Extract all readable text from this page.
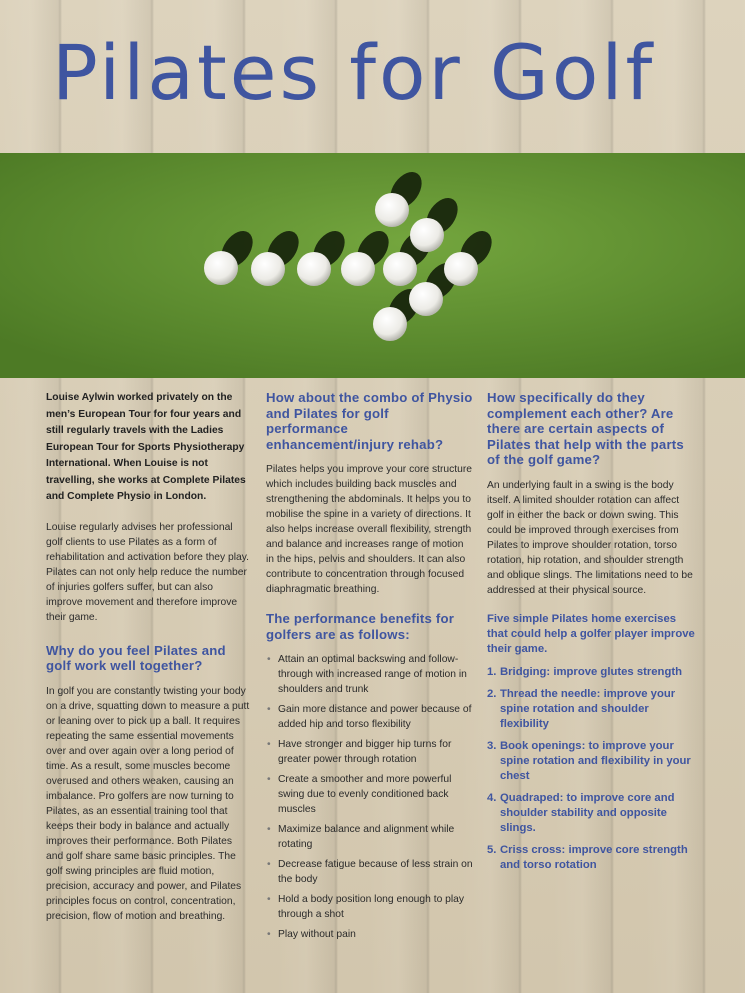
Pilates for Golf

Louise Aylwin worked privately on the men’s European Tour for four years and still regularly travels with the Ladies European Tour for Sports Physiotherapy International. When Louise is not travelling, she works at Complete Pilates and Complete Physio in London.

Louise regularly advises her professional golf clients to use Pilates as a form of rehabilitation and activation before they play. Pilates can not only help reduce the number of injuries golfers suffer, but can also improve movement and therefore improve their game.

Why do you feel Pilates and golf work well together?

In golf you are constantly twisting your body on a drive, squatting down to measure a putt or leaning over to pick up a ball. It requires repeating the same essential movements over and over again over a long period of time. As a result, some muscles become overused and others weaken, causing an imbalance. Pro golfers are now turning to Pilates, as an essential training tool that keeps their body in balance and actually improves their performance. Both Pilates and golf share same basic principles. The golf swing principles are fluid motion, precision, accuracy and power, and Pilates principles focus on control, concentration, precision, flow of motion and breathing.

How about the combo of Physio and Pilates for golf performance enhancement/injury rehab?

Pilates helps you improve your core structure which includes building back muscles and strengthening the abdominals. It helps you to mobilise the spine in a variety of directions. It also helps increase overall flexibility, strength and balance and increases range of motion in the hips, pelvis and shoulders. It can also contribute to concentration through focused diaphragmatic breathing.

The performance benefits for golfers are as follows:
• Attain an optimal backswing and follow-through with increased range of motion in shoulders and trunk
• Gain more distance and power because of added hip and torso flexibility
• Have stronger and bigger hip turns for greater power through rotation
• Create a smoother and more powerful swing due to evenly conditioned back muscles
• Maximize balance and alignment while rotating
• Decrease fatigue because of less strain on the body
• Hold a body position long enough to play through a shot
• Play without pain
How specifically do they complement each other? Are there are certain aspects of Pilates that help with the parts of the golf game?

An underlying fault in a swing is the body itself. A limited shoulder rotation can affect golf in either the back or down swing. This could be improved through exercises from Pilates to improve shoulder rotation, torso rotation, hip rotation, and shoulder strength and oblique slings. The limitations need to be addressed at their physical source.

Five simple Pilates home exercises that could help a golfer player improve their game.

1. Bridging: improve glutes strength
2. Thread the needle: improve your spine rotation and shoulder flexibility
3. Book openings: to improve your spine rotation and flexibility in your chest
4. Quadraped: to improve core and shoulder stability and opposite slings.
5. Criss cross: improve core strength and torso rotation
